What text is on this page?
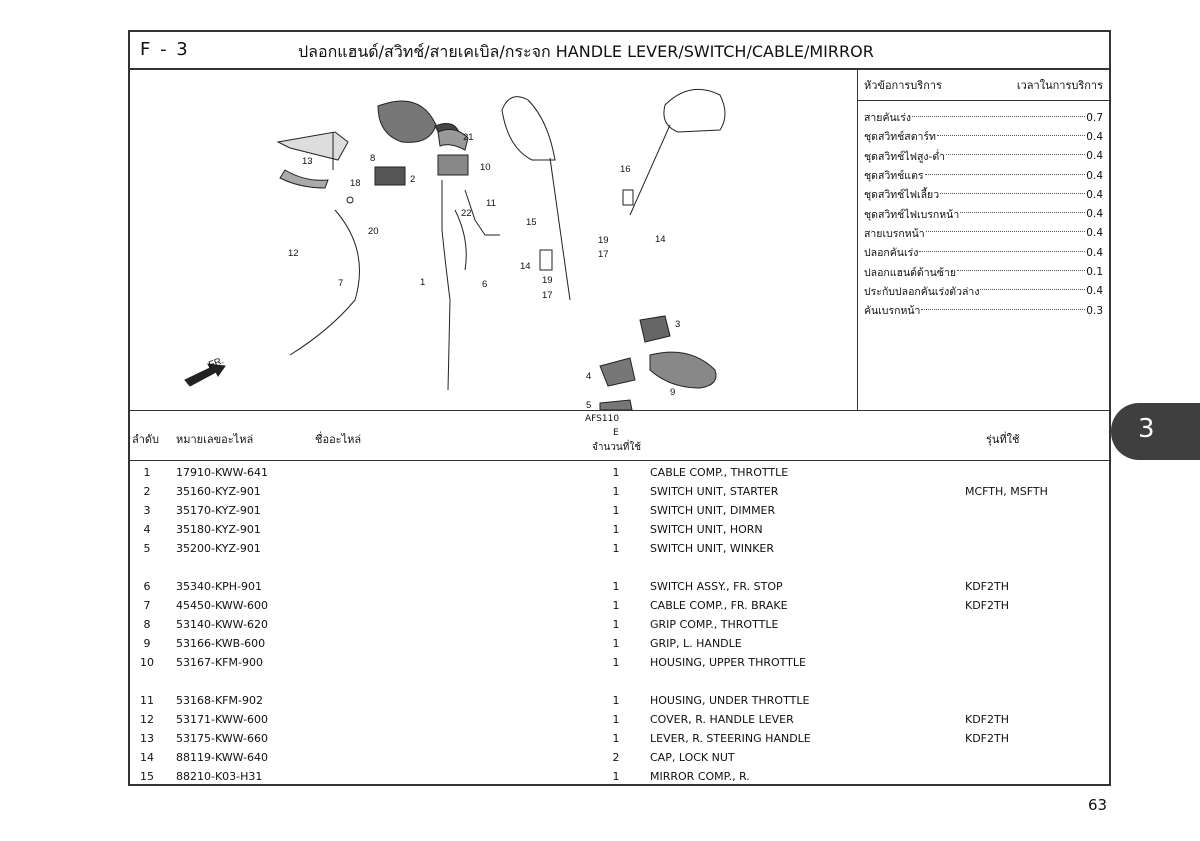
F - 3	ปลอกแฮนด์/สวิทช์/สายเคเบิล/กระจก HANDLE LEVER/SWITCH/CABLE/MIRROR
FR.
1
2
3
4
5
6
7
8
9
10
11
12
13
14
14
15
16
17
17
18
19
19
20
21
22
หัวข้อการบริการ	เวลาในการบริการ
สายคันเร่ง	0.7
ชุดสวิทช์สตาร์ท	0.4
ชุดสวิทช์ไฟสูง-ต่ำ	0.4
ชุดสวิทช์แตร	0.4
ชุดสวิทช์ไฟเลี้ยว	0.4
ชุดสวิทช์ไฟเบรกหน้า	0.4
สายเบรกหน้า	0.4
ปลอกคันเร่ง	0.4
ปลอกแฮนด์ด้านซ้าย	0.1
ประกับปลอกคันเร่งตัวล่าง	0.4
คันเบรกหน้า	0.3
ลำดับ หมายเลขอะไหล่	ชื่ออะไหล่
AFS110
E
จำนวนที่ใช้
รุ่นที่ใช้
1	17910-KWW-641	1	CABLE COMP., THROTTLE
2	35160-KYZ-901	1	SWITCH UNIT, STARTER	MCFTH, MSFTH
3	35170-KYZ-901	1	SWITCH UNIT, DIMMER
4	35180-KYZ-901	1	SWITCH UNIT, HORN
5	35200-KYZ-901	1	SWITCH UNIT, WINKER
6	35340-KPH-901	1	SWITCH ASSY., FR. STOP	KDF2TH
7	45450-KWW-600	1	CABLE COMP., FR. BRAKE	KDF2TH
8	53140-KWW-620	1	GRIP COMP., THROTTLE
9	53166-KWB-600	1	GRIP, L. HANDLE
10 53167-KFM-900	1	HOUSING, UPPER THROTTLE
11 53168-KFM-902	1	HOUSING, UNDER THROTTLE
12 53171-KWW-600	1	COVER, R. HANDLE LEVER	KDF2TH
13 53175-KWW-660	1	LEVER, R. STEERING HANDLE	KDF2TH
14 88119-KWW-640	2	CAP, LOCK NUT
15 88210-K03-H31	1	MIRROR COMP., R.
3
63
